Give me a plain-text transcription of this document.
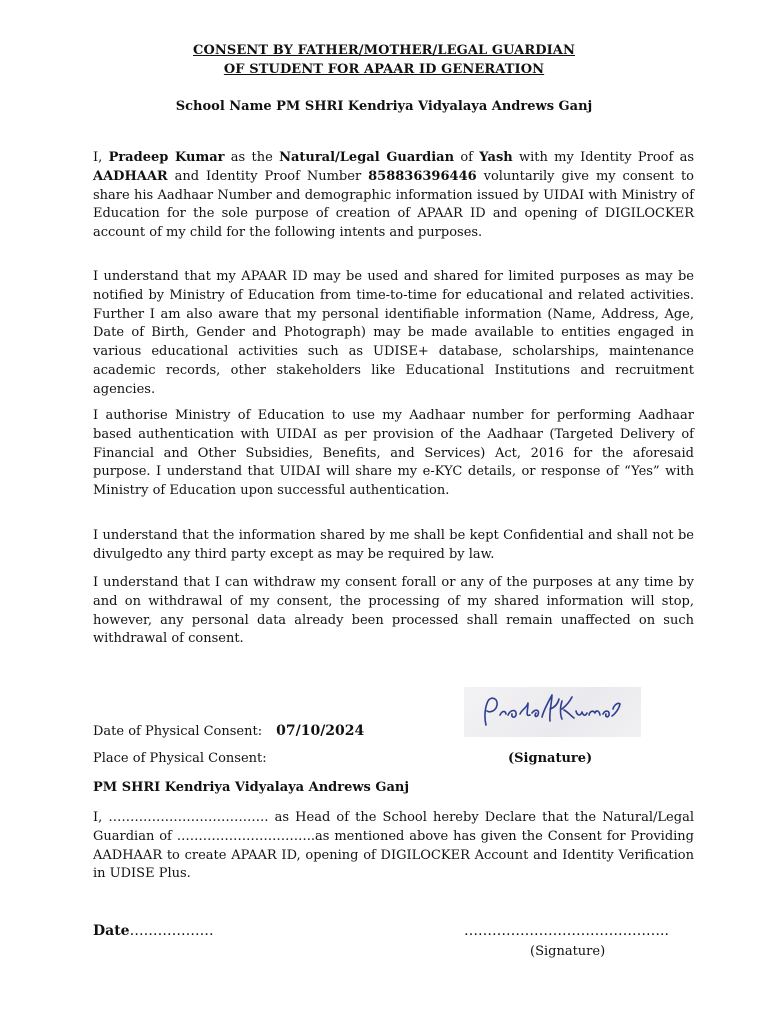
CONSENT BY FATHER/MOTHER/LEGAL GUARDIAN
OF STUDENT FOR APAAR ID GENERATION
School Name PM SHRI Kendriya Vidyalaya Andrews Ganj
I, Pradeep Kumar as the Natural/Legal Guardian of Yash with my Identity Proof as AADHAAR and Identity Proof Number 858836396446 voluntarily give my consent to share his Aadhaar Number and demographic information issued by UIDAI with Ministry of Education for the sole purpose of creation of APAAR ID and opening of DIGILOCKER account of my child for the following intents and purposes.
I understand that my APAAR ID may be used and shared for limited purposes as may be notified by Ministry of Education from time-to-time for educational and related activities. Further I am also aware that my personal identifiable information (Name, Address, Age, Date of Birth, Gender and Photograph) may be made available to entities engaged in various educational activities such as UDISE+ database, scholarships, maintenance academic records, other stakeholders like Educational Institutions and recruitment agencies.
I authorise Ministry of Education to use my Aadhaar number for performing Aadhaar based authentication with UIDAI as per provision of the Aadhaar (Targeted Delivery of Financial and Other Subsidies, Benefits, and Services) Act, 2016 for the aforesaid purpose. I understand that UIDAI will share my e-KYC details, or response of “Yes” with Ministry of Education upon successful authentication.
I understand that the information shared by me shall be kept Confidential and shall not be divulgedto any third party except as may be required by law.
I understand that I can withdraw my consent forall or any of the purposes at any time by and on withdrawal of my consent, the processing of my shared information will stop, however, any personal data already been processed shall remain unaffected on such withdrawal of consent.
Date of Physical Consent: 07/10/2024
Place of Physical Consent:	(Signature)
PM SHRI Kendriya Vidyalaya Andrews Ganj
I, ………………………………. as Head of the School hereby Declare that the Natural/Legal Guardian of …………………………..as mentioned above has given the Consent for Providing AADHAAR to create APAAR ID, opening of DIGILOCKER Account and Identity Verification in UDISE Plus.
Date………………	……………………………………..
(Signature)
